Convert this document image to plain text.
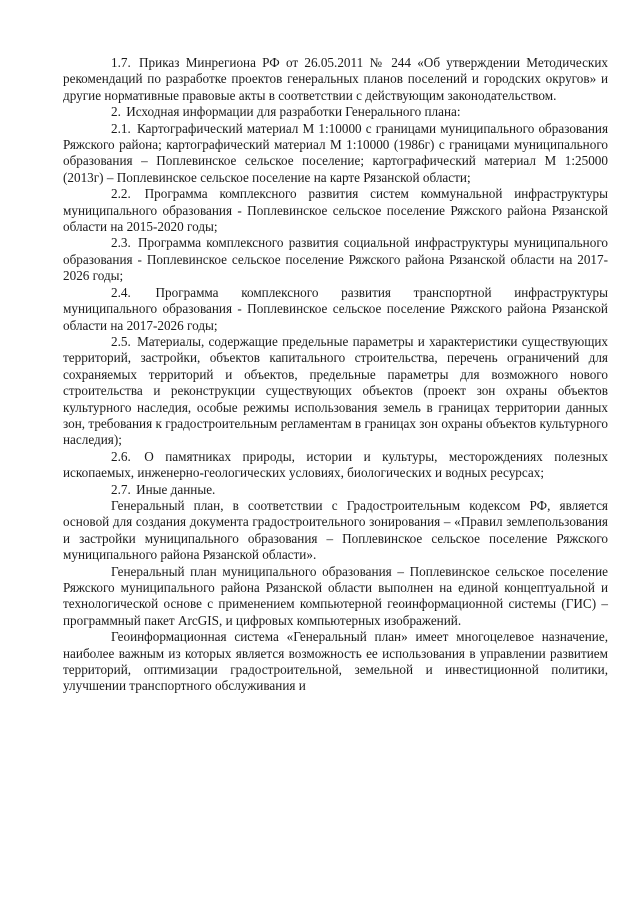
1.7. Приказ Минрегиона РФ от 26.05.2011 № 244 «Об утверждении Методических рекомендаций по разработке проектов генеральных планов поселений и городских округов» и другие нормативные правовые акты в соответствии с действующим законодательством.

2. Исходная информации для разработки Генерального плана:

2.1. Картографический материал М 1:10000 с границами муниципального образования Ряжского района; картографический материал М 1:10000 (1986г) с границами муниципального образования – Поплевинское сельское поселение; картографический материал М 1:25000 (2013г) – Поплевинское сельское поселение на карте Рязанской области;

2.2. Программа комплексного развития систем коммунальной инфраструктуры муниципального образования - Поплевинское сельское поселение Ряжского района Рязанской области на 2015-2020 годы;

2.3. Программа комплексного развития социальной инфраструктуры муниципального образования - Поплевинское сельское поселение Ряжского района Рязанской области на 2017-2026 годы;

2.4. Программа комплексного развития транспортной инфраструктуры муниципального образования - Поплевинское сельское поселение Ряжского района Рязанской области на 2017-2026 годы;

2.5. Материалы, содержащие предельные параметры и характеристики существующих территорий, застройки, объектов капитального строительства, перечень ограничений для сохраняемых территорий и объектов, предельные параметры для возможного нового строительства и реконструкции существующих объектов (проект зон охраны объектов культурного наследия, особые режимы использования земель в границах территории данных зон, требования к градостроительным регламентам в границах зон охраны объектов культурного наследия);

2.6. О памятниках природы, истории и культуры, месторождениях полезных ископаемых, инженерно-геологических условиях, биологических и водных ресурсах;

2.7. Иные данные.

Генеральный план, в соответствии с Градостроительным кодексом РФ, является основой для создания документа градостроительного зонирования – «Правил землепользования и застройки муниципального образования – Поплевинское сельское поселение Ряжского муниципального района Рязанской области».

Генеральный план муниципального образования – Поплевинское сельское поселение Ряжского муниципального района Рязанской области выполнен на единой концептуальной и технологической основе с применением компьютерной геоинформационной системы (ГИС) – программный пакет ArcGIS, и цифровых компьютерных изображений.

Геоинформационная система «Генеральный план» имеет многоцелевое назначение, наиболее важным из которых является возможность ее использования в управлении развитием территорий, оптимизации градостроительной, земельной и инвестиционной политики, улучшении транспортного обслуживания и
